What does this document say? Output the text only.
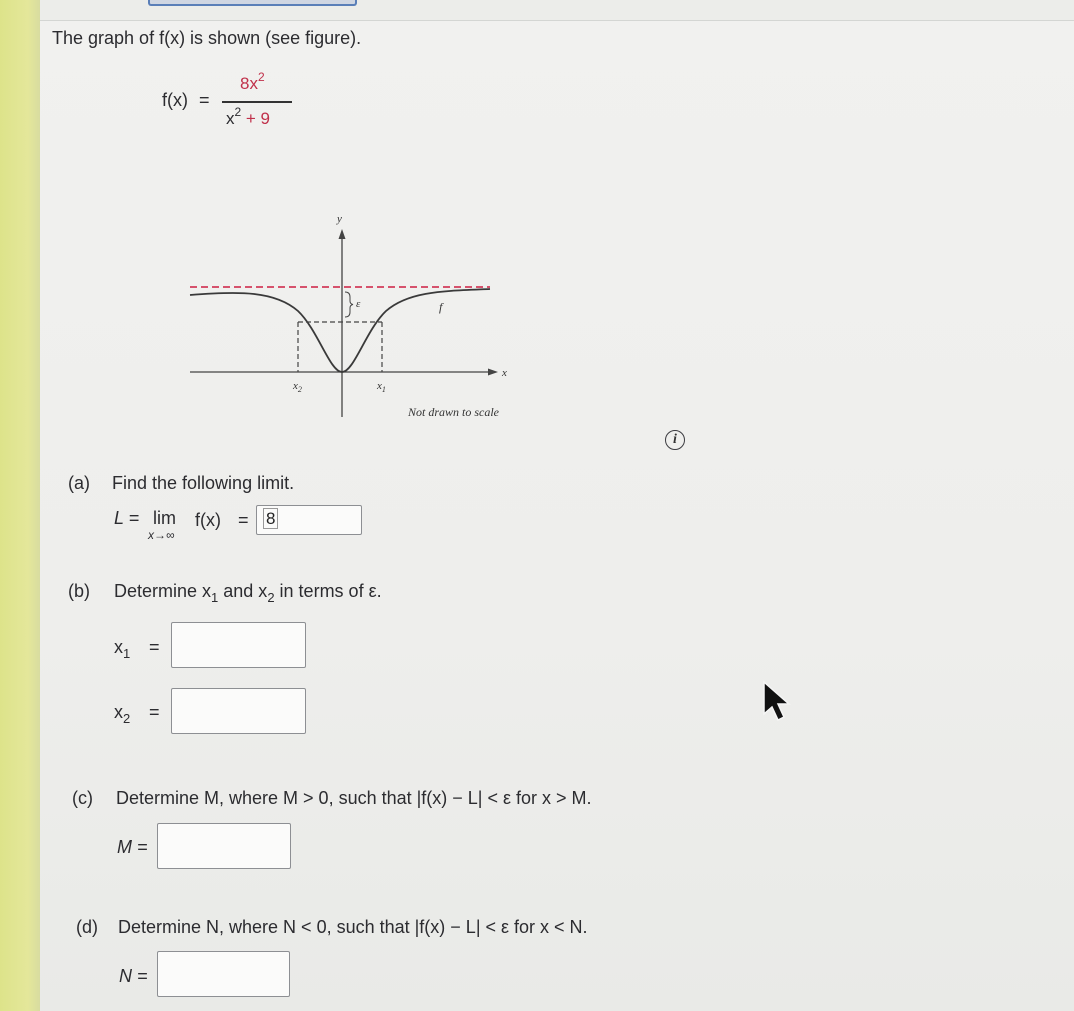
The graph of f(x) is shown (see figure).
f(x) =
$8x^2$
$x^2 + 9$
ε	f
y
x
$x_2$	$x_1$
Not drawn to scale
i
(a) Find the following limit.
L = lim
x→∞
f(x) =	8
(b) Determine $x_1$ and $x_2$ in terms of ε.
$x_1$ =
$x_2$ =
(c) Determine M, where M > 0, such that |f(x) − L| < ε for x > M.
M =
(d) Determine N, where N < 0, such that |f(x) − L| < ε for x < N.
N =
